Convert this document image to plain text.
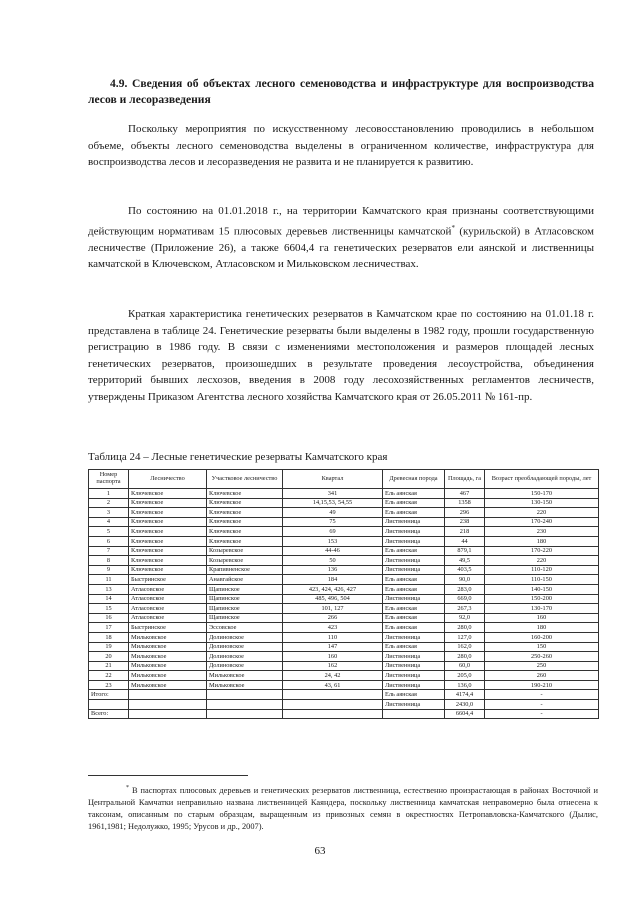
4.9. Сведения об объектах лесного семеноводства и инфраструктуре для воспроизводства лесов и лесоразведения
Поскольку мероприятия по искусственному лесовосстановлению проводились в небольшом объеме, объекты лесного семеноводства выделены в ограниченном количестве, инфраструктура для воспроизводства лесов и лесоразведения не развита и не планируется к развитию.
По состоянию на 01.01.2018 г., на территории Камчатского края признаны соответствующими действующим нормативам 15 плюсовых деревьев лиственницы камчатской* (курильской) в Атласовском лесничестве (Приложение 26), а также 6604,4 га генетических резерватов ели аянской и лиственницы камчатской в Ключевском, Атласовском и Мильковском лесничествах.
Краткая характеристика генетических резерватов в Камчатском крае по состоянию на 01.01.18 г. представлена в таблице 24. Генетические резерваты были выделены в 1982 году, прошли государственную регистрацию в 1986 году. В связи с изменениями местоположения и размеров площадей лесных генетических резерватов, произошедших в результате проведения лесоустройства, объединения территорий бывших лесхозов, введения в 2008 году лесохозяйственных регламентов лесничеств, утверждены Приказом Агентства лесного хозяйства Камчатского края от 26.05.2011 № 161-пр.
Таблица 24 – Лесные генетические резерваты Камчатского края
Номер паспорта	Лесничество	Участковое лесничество	Квартал	Древесная порода	Площадь, га	Возраст преобладающей породы, лет
1	Ключевское	Ключевское	341	Ель аянская	467	150-170
2	Ключевское	Ключевское	14,15,53, 54,55	Ель аянская	1358	130-150
3	Ключевское	Ключевское	49	Ель аянская	296	220
4	Ключевское	Ключевское	75	Лиственница	238	170-240
5	Ключевское	Ключевское	69	Лиственница	218	230
6	Ключевское	Ключевское	153	Лиственница	44	180
7	Ключевское	Козыревское	44-46	Ель аянская	879,1	170-220
8	Ключевское	Козыревское	50	Лиственница	49,5	220
9	Ключевское	Крапивненское	136	Лиственница	403,5	110-120
11	Быстринское	Анавгайское	184	Ель аянская	90,0	110-150
13	Атласовское	Щапинское	423, 424, 426, 427	Ель аянская	283,0	140-150
14	Атласовское	Щапинское	485, 496, 504	Лиственница	669,0	150-200
15	Атласовское	Щапинское	101, 127	Ель аянская	267,3	130-170
16	Атласовское	Щапинское	266	Ель аянская	92,0	160
17	Быстринское	Эссовское	423	Ель аянская	280,0	180
18	Мильковское	Долиновское	110	Лиственница	127,0	160-200
19	Мильковское	Долиновское	147	Ель аянская	162,0	150
20	Мильковское	Долиновское	160	Лиственница	280,0	250-260
21	Мильковское	Долиновское	162	Лиственница	60,0	250
22	Мильковское	Мильковское	24, 42	Лиственница	205,0	260
23	Мильковское	Мильковское	43, 61	Лиственница	136,0	190-210
Итого:				Ель аянская	4174,4	-
				Лиственница	2430,0	-
Всего:					6604,4	-
* В паспортах плюсовых деревьев и генетических резерватов лиственница, естественно произрастающая в районах Восточной и Центральной Камчатки неправильно названа лиственницей Каяндера, поскольку лиственница камчатская неправомерно была отнесена к таксонам, описанным по старым образцам, выращенным из привозных семян в окрестностях Петропавловска-Камчатского (Дылис, 1961,1981; Недолужко, 1995; Урусов и др., 2007).
63
